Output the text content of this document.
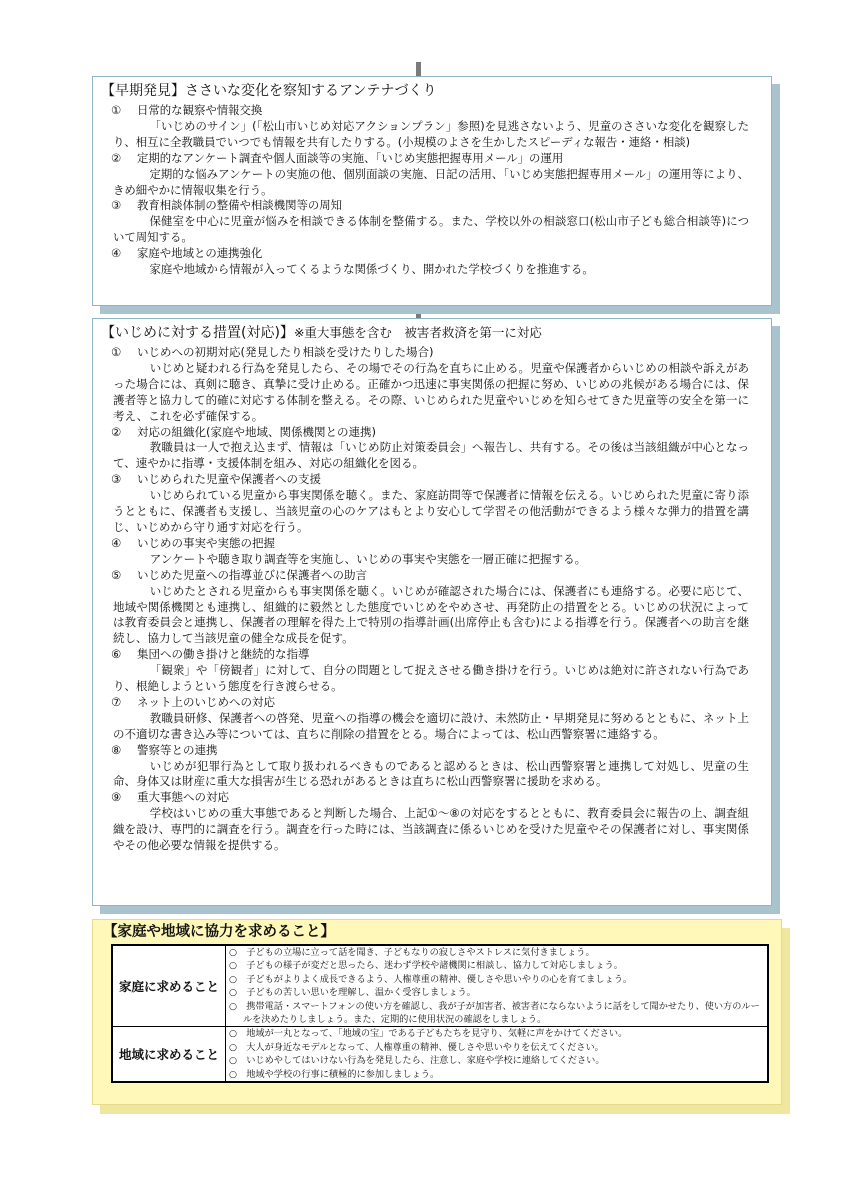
【早期発見】ささいな変化を察知するアンテナづくり
①	日常的な観察や情報交換

「いじめのサイン」(「松山市いじめ対応アクションプラン」参照)を見逃さないよう、児童のささいな変化を観察したり、相互に全教職員でいつでも情報を共有したりする。(小規模のよさを生かしたスピーディな報告・連絡・相談)

②	定期的なアンケート調査や個人面談等の実施、「いじめ実態把握専用メール」の運用

定期的な悩みアンケートの実施の他、個別面談の実施、日記の活用、「いじめ実態把握専用メール」の運用等により、きめ細やかに情報収集を行う。

③	教育相談体制の整備や相談機関等の周知

保健室を中心に児童が悩みを相談できる体制を整備する。また、学校以外の相談窓口(松山市子ども総合相談等)について周知する。

④	家庭や地域との連携強化

家庭や地域から情報が入ってくるような関係づくり、開かれた学校づくりを推進する。

【いじめに対する措置(対応)】※重大事態を含む　被害者救済を第一に対応
①	いじめへの初期対応(発見したり相談を受けたりした場合)

いじめと疑われる行為を発見したら、その場でその行為を直ちに止める。児童や保護者からいじめの相談や訴えがあった場合には、真剣に聴き、真摯に受け止める。正確かつ迅速に事実関係の把握に努め、いじめの兆候がある場合には、保護者等と協力して的確に対応する体制を整える。その際、いじめられた児童やいじめを知らせてきた児童等の安全を第一に考え、これを必ず確保する。

②	対応の組織化(家庭や地域、関係機関との連携)

教職員は一人で抱え込まず、情報は「いじめ防止対策委員会」へ報告し、共有する。その後は当該組織が中心となって、速やかに指導・支援体制を組み、対応の組織化を図る。

③	いじめられた児童や保護者への支援

いじめられている児童から事実関係を聴く。また、家庭訪問等で保護者に情報を伝える。いじめられた児童に寄り添うとともに、保護者も支援し、当該児童の心のケアはもとより安心して学習その他活動ができるよう様々な弾力的措置を講じ、いじめから守り通す対応を行う。

④	いじめの事実や実態の把握

アンケートや聴き取り調査等を実施し、いじめの事実や実態を一層正確に把握する。

⑤	いじめた児童への指導並びに保護者への助言

いじめたとされる児童からも事実関係を聴く。いじめが確認された場合には、保護者にも連絡する。必要に応じて、地域や関係機関とも連携し、組織的に毅然とした態度でいじめをやめさせ、再発防止の措置をとる。いじめの状況によっては教育委員会と連携し、保護者の理解を得た上で特別の指導計画(出席停止も含む)による指導を行う。保護者への助言を継続し、協力して当該児童の健全な成長を促す。

⑥	集団への働き掛けと継続的な指導

「観衆」や「傍観者」に対して、自分の問題として捉えさせる働き掛けを行う。いじめは絶対に許されない行為であり、根絶しようという態度を行き渡らせる。

⑦	ネット上のいじめへの対応

教職員研修、保護者への啓発、児童への指導の機会を適切に設け、未然防止・早期発見に努めるとともに、ネット上の不適切な書き込み等については、直ちに削除の措置をとる。場合によっては、松山西警察署に連絡する。

⑧	警察等との連携

いじめが犯罪行為として取り扱われるべきものであると認めるときは、松山西警察署と連携して対処し、児童の生命、身体又は財産に重大な損害が生じる恐れがあるときは直ちに松山西警察署に援助を求める。

⑨	重大事態への対応

学校はいじめの重大事態であると判断した場合、上記①〜⑧の対応をするとともに、教育委員会に報告の上、調査組織を設け、専門的に調査を行う。調査を行った時には、当該調査に係るいじめを受けた児童やその保護者に対し、事実関係やその他必要な情報を提供する。

【家庭や地域に協力を求めること】
家庭に求めること	○　子どもの立場に立って話を聞き、子どもなりの寂しさやストレスに気付きましょう。
○　子どもの様子が変だと思ったら、迷わず学校や諸機関に相談し、協力して対応しましょう。
○　子どもがよりよく成長できるよう、人権尊重の精神、優しさや思いやりの心を育てましょう。
○　子どもの苦しい思いを理解し、温かく受容しましょう。
○　携帯電話・スマートフォンの使い方を確認し、我が子が加害者、被害者にならないように話をして聞かせたり、使い方のルールを決めたりしましょう。また、定期的に使用状況の確認をしましょう。

地域に求めること	○　地域が一丸となって、「地域の宝」である子どもたちを見守り、気軽に声をかけてください。
○　大人が身近なモデルとなって、人権尊重の精神、優しさや思いやりを伝えてください。
○　いじめやしてはいけない行為を発見したら、注意し、家庭や学校に連絡してください。
○　地域や学校の行事に積極的に参加しましょう。
